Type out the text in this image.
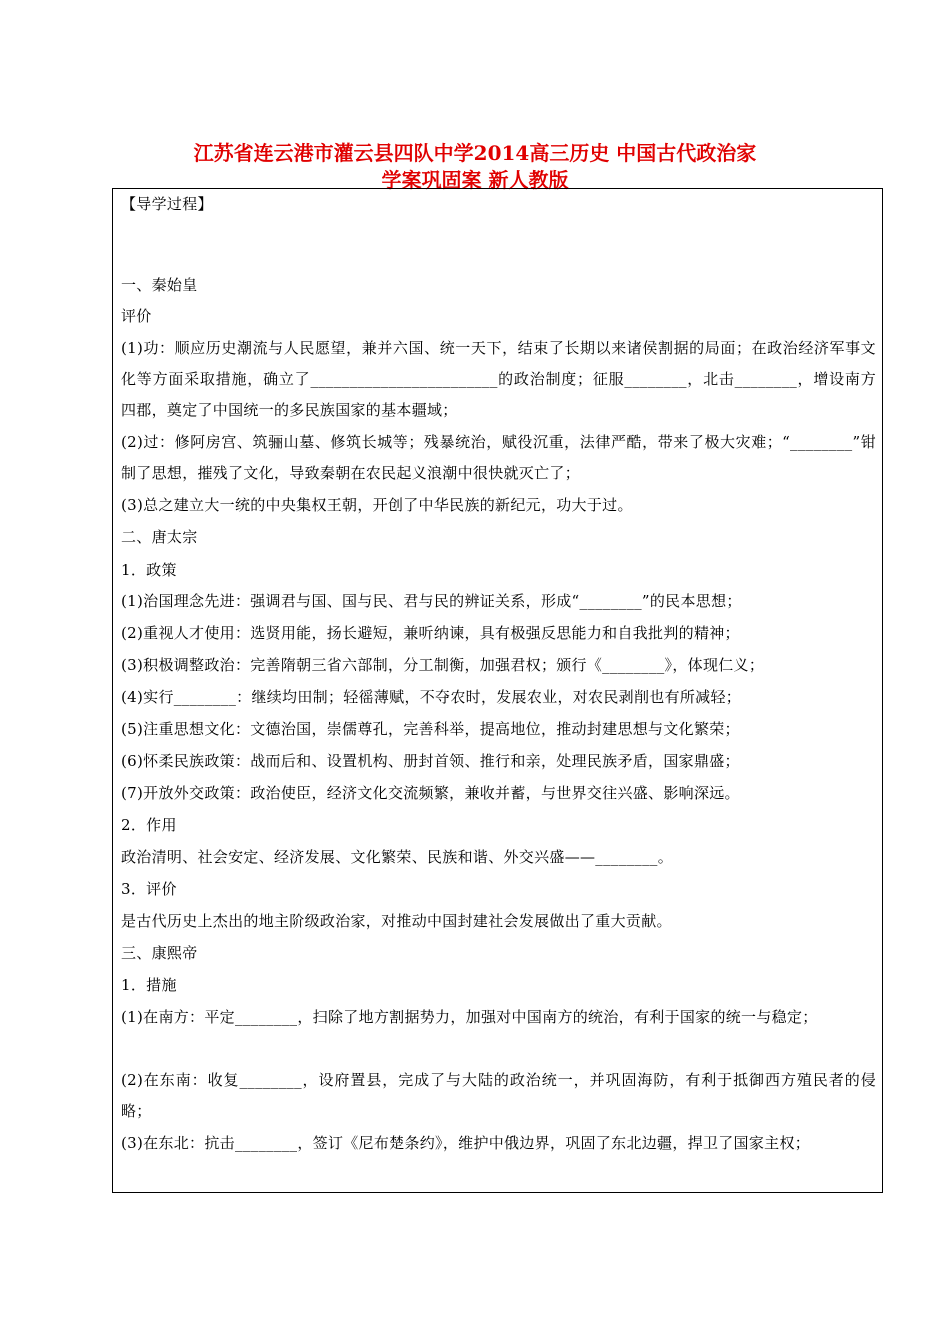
江苏省连云港市灌云县四队中学2014高三历史 中国古代政治家
学案巩固案 新人教版
【导学过程】
一、秦始皇
评价
(1)功：顺应历史潮流与人民愿望，兼并六国、统一天下，结束了长期以来诸侯割据的局面；在政治经济军事文化等方面采取措施，确立了________________________的政治制度；征服________，北击________，增设南方四郡，奠定了中国统一的多民族国家的基本疆域；
(2)过：修阿房宫、筑骊山墓、修筑长城等；残暴统治，赋役沉重，法律严酷，带来了极大灾难；“________”钳制了思想，摧残了文化，导致秦朝在农民起义浪潮中很快就灭亡了；
(3)总之建立大一统的中央集权王朝，开创了中华民族的新纪元，功大于过。
二、唐太宗
1．政策
(1)治国理念先进：强调君与国、国与民、君与民的辨证关系，形成“________”的民本思想；
(2)重视人才使用：选贤用能，扬长避短，兼听纳谏，具有极强反思能力和自我批判的精神；
(3)积极调整政治：完善隋朝三省六部制，分工制衡，加强君权；颁行《________》，体现仁义；
(4)实行________：继续均田制；轻徭薄赋，不夺农时，发展农业，对农民剥削也有所减轻；
(5)注重思想文化：文德治国，崇儒尊孔，完善科举，提高地位，推动封建思想与文化繁荣；
(6)怀柔民族政策：战而后和、设置机构、册封首领、推行和亲，处理民族矛盾，国家鼎盛；
(7)开放外交政策：政治使臣，经济文化交流频繁，兼收并蓄，与世界交往兴盛、影响深远。
2．作用
政治清明、社会安定、经济发展、文化繁荣、民族和谐、外交兴盛——________。
3．评价
是古代历史上杰出的地主阶级政治家，对推动中国封建社会发展做出了重大贡献。
三、康熙帝
1．措施
(1)在南方：平定________，扫除了地方割据势力，加强对中国南方的统治，有利于国家的统一与稳定；
(2)在东南：收复________，设府置县，完成了与大陆的政治统一，并巩固海防，有利于抵御西方殖民者的侵略；
(3)在东北：抗击________，签订《尼布楚条约》，维护中俄边界，巩固了东北边疆，捍卫了国家主权；
